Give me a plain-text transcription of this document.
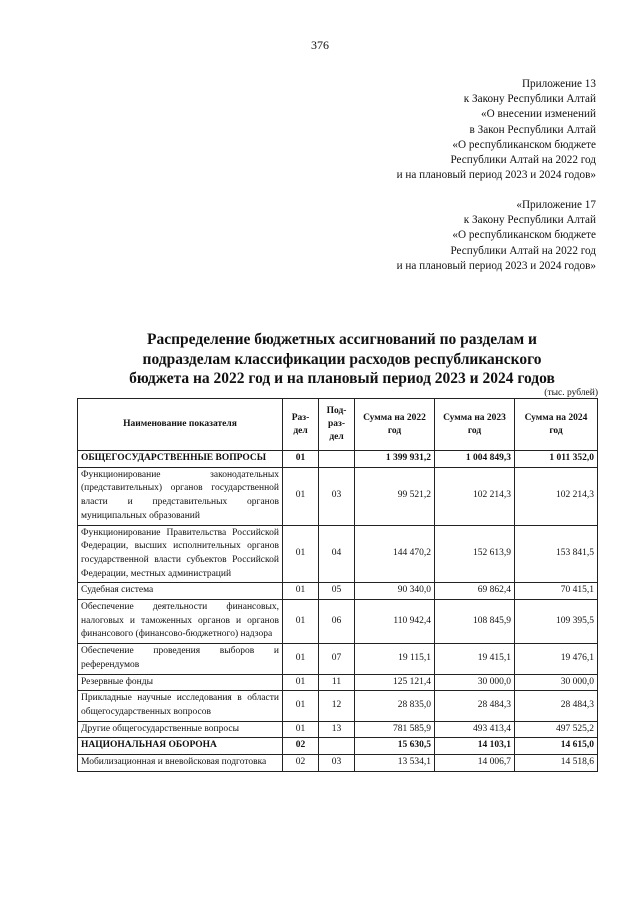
376
Приложение 13
к Закону Республики Алтай
«О внесении изменений
в Закон Республики Алтай
«О республиканском бюджете
Республики Алтай на 2022 год
и на плановый период 2023 и 2024 годов»
«Приложение 17
к Закону Республики Алтай
«О республиканском бюджете
Республики Алтай на 2022 год
и на плановый период 2023 и 2024 годов»
Распределение бюджетных ассигнований по разделам и
подразделам классификации расходов республиканского
бюджета на 2022 год и на плановый период 2023 и 2024 годов
(тыс. рублей)
Наименование показателя	Раз-дел	Под-раз-дел	Сумма на 2022 год	Сумма на 2023 год	Сумма на 2024 год
ОБЩЕГОСУДАРСТВЕННЫЕ ВОПРОСЫ	01		1 399 931,2	1 004 849,3	1 011 352,0
Функционирование законодательных (представительных) органов государственной власти и представительных органов муниципальных образований	01	03	99 521,2	102 214,3	102 214,3
Функционирование Правительства Российской Федерации, высших исполнительных органов государственной власти субъектов Российской Федерации, местных администраций	01	04	144 470,2	152 613,9	153 841,5
Судебная система	01	05	90 340,0	69 862,4	70 415,1
Обеспечение деятельности финансовых, налоговых и таможенных органов и органов финансового (финансово-бюджетного) надзора	01	06	110 942,4	108 845,9	109 395,5
Обеспечение проведения выборов и референдумов	01	07	19 115,1	19 415,1	19 476,1
Резервные фонды	01	11	125 121,4	30 000,0	30 000,0
Прикладные научные исследования в области общегосударственных вопросов	01	12	28 835,0	28 484,3	28 484,3
Другие общегосударственные вопросы	01	13	781 585,9	493 413,4	497 525,2
НАЦИОНАЛЬНАЯ ОБОРОНА	02		15 630,5	14 103,1	14 615,0
Мобилизационная и вневойсковая подготовка	02	03	13 534,1	14 006,7	14 518,6
